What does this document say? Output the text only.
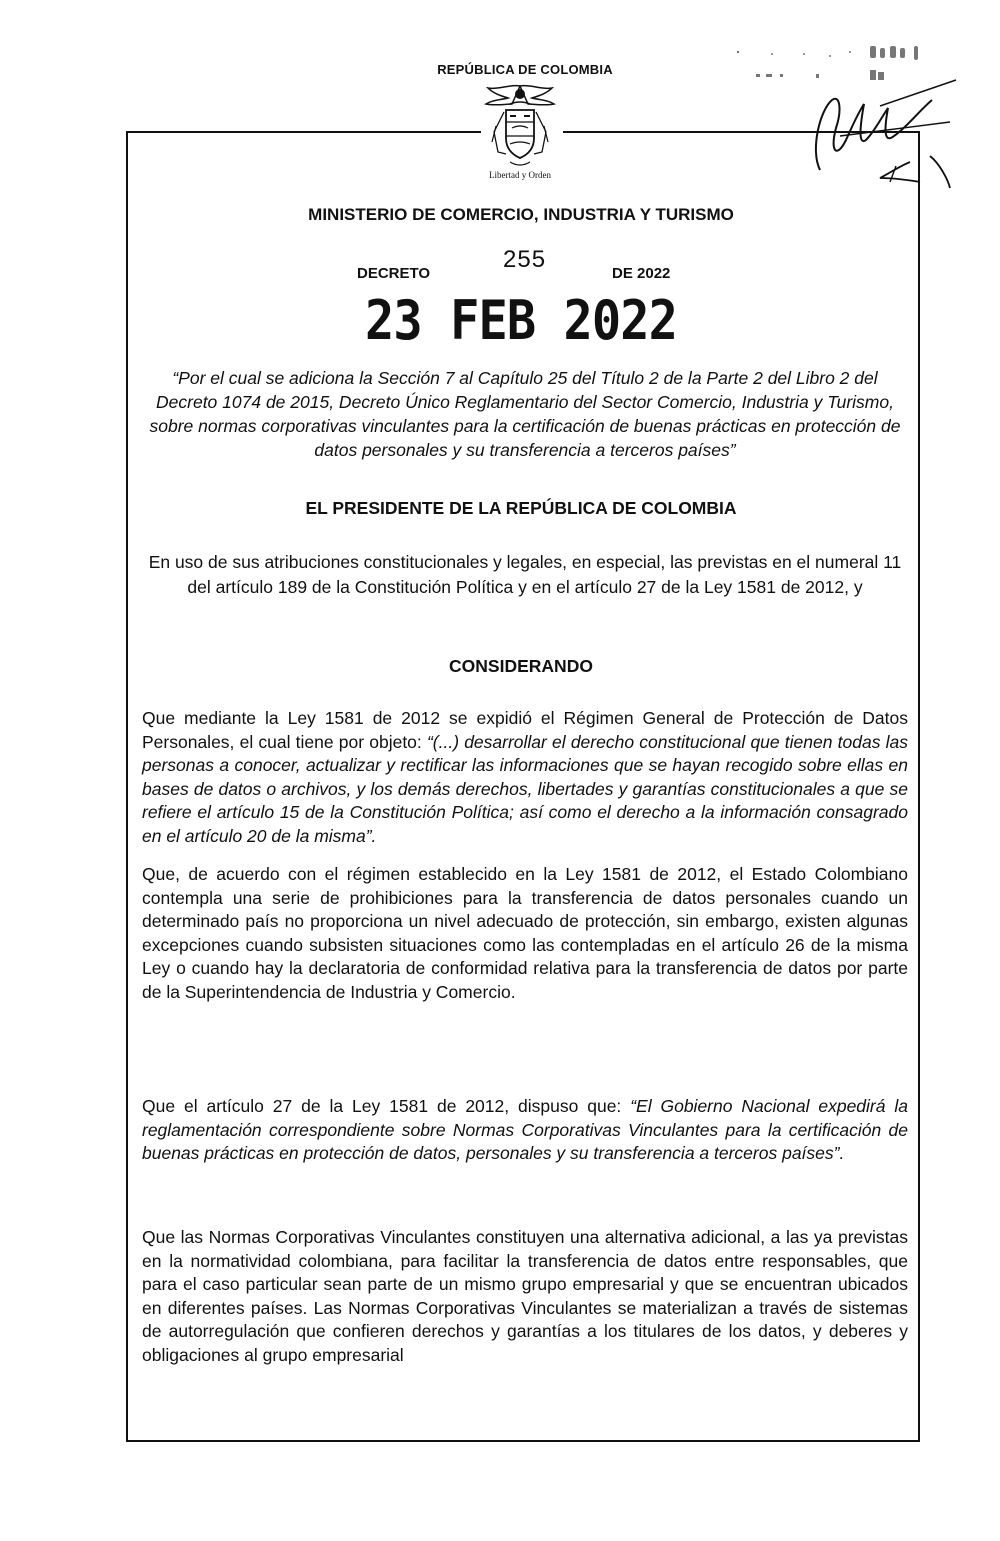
REPÚBLICA DE COLOMBIA
Libertad y Orden
MINISTERIO DE COMERCIO, INDUSTRIA Y TURISMO
DECRETO
255
DE 2022
23 FEB 2022
“Por el cual se adiciona la Sección 7 al Capítulo 25 del Título 2 de la Parte 2 del Libro 2 del Decreto 1074 de 2015, Decreto Único Reglamentario del Sector Comercio, Industria y Turismo, sobre normas corporativas vinculantes para la certificación de buenas prácticas en protección de datos personales y su transferencia a terceros países”
EL PRESIDENTE DE LA REPÚBLICA DE COLOMBIA
En uso de sus atribuciones constitucionales y legales, en especial, las previstas en el numeral 11 del artículo 189 de la Constitución Política y en el artículo 27 de la Ley 1581 de 2012, y
CONSIDERANDO
Que mediante la Ley 1581 de 2012 se expidió el Régimen General de Protección de Datos Personales, el cual tiene por objeto: “(...) desarrollar el derecho constitucional que tienen todas las personas a conocer, actualizar y rectificar las informaciones que se hayan recogido sobre ellas en bases de datos o archivos, y los demás derechos, libertades y garantías constitucionales a que se refiere el artículo 15 de la Constitución Política; así como el derecho a la información consagrado en el artículo 20 de la misma”.
Que, de acuerdo con el régimen establecido en la Ley 1581 de 2012, el Estado Colombiano contempla una serie de prohibiciones para la transferencia de datos personales cuando un determinado país no proporciona un nivel adecuado de protección, sin embargo, existen algunas excepciones cuando subsisten situaciones como las contempladas en el artículo 26 de la misma Ley o cuando hay la declaratoria de conformidad relativa para la transferencia de datos por parte de la Superintendencia de Industria y Comercio.
Que el artículo 27 de la Ley 1581 de 2012, dispuso que: “El Gobierno Nacional expedirá la reglamentación correspondiente sobre Normas Corporativas Vinculantes para la certificación de buenas prácticas en protección de datos, personales y su transferencia a terceros países”.
Que las Normas Corporativas Vinculantes constituyen una alternativa adicional, a las ya previstas en la normatividad colombiana, para facilitar la transferencia de datos entre responsables, que para el caso particular sean parte de un mismo grupo empresarial y que se encuentran ubicados en diferentes países. Las Normas Corporativas Vinculantes se materializan a través de sistemas de autorregulación que confieren derechos y garantías a los titulares de los datos, y deberes y obligaciones al grupo empresarial
